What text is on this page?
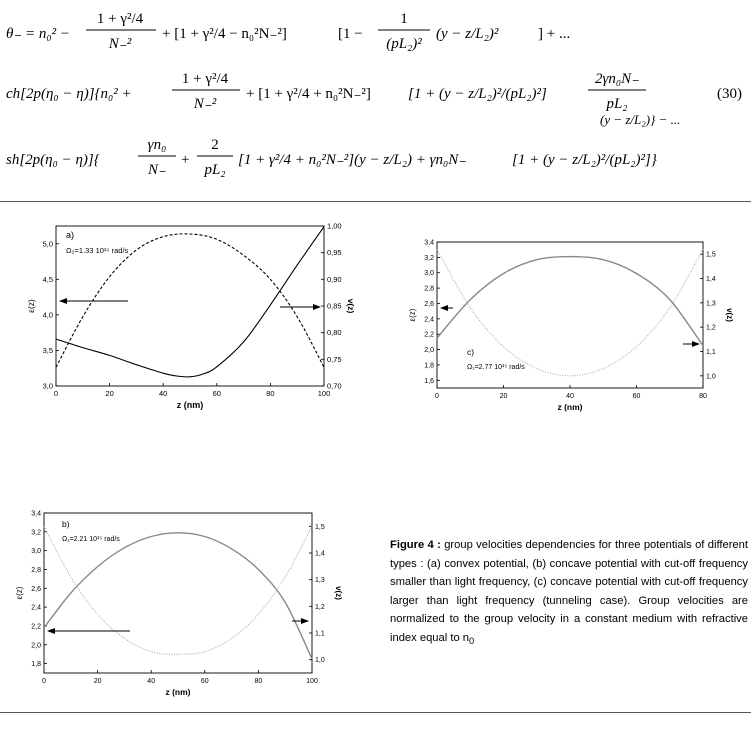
θ₋ = n₀² −
1 + γ²/4
N₋²
+ [1 + γ²/4 − n₀²N₋²]	[1 −
1
(pL₂)²
(y − z/L₂)²	] + ...
ch[2p(η₀ − η)]{n₀² +
1 + γ²/4
N₋²
+ [1 + γ²/4 + n₀²N₋²] [1 + (y − z/L₂)²/(pL₂)²]
2γn₀N₋
pL₂
(y − z/L₂)} − ...
(30)
sh[2p(η₀ − η)]{
γn₀
N₋
+
2
pL₂
[1 + γ²/4 + n₀²N₋²](y − z/L₂) + γn₀N₋	[1 + (y − z/L₂)²/(pL₂)²]}
0	20	40	60	80	100
3,0
3,5
4,0
4,5
5,0
0,70
0,75
0,80
0,85
0,90
0,95
1,00
z (nm)
ε(z)	v(z)
a)
Ω₂=1.33 10¹⁵ rad/s
0	20	40	60	80
1,6
1,8
2,0
2,2
2,4
2,6
2,8
3,0
3,2
3,4
1,0
1,1
1,2
1,3
1,4
1,5
z (nm)
ε(z)	v(z)
c)
Ω₁=2.77 10¹⁵ rad/s
0	20	40	60	80	100
1,8
2,0
2,2
2,4
2,6
2,8
3,0
3,2
3,4
1,0
1,1
1,2
1,3
1,4
1,5
z (nm)
ε(z)	v(z)
b)
Ω₁=2.21 10¹⁵ rad/s	Figure 4 : group velocities dependencies for three potentials of different types : (a) convex potential, (b) concave potential with cut-off frequency smaller than light frequency, (c) concave potential with cut-off frequency larger than light frequency (tunneling case). Group velocities are normalized to the group velocity in a constant medium with refractive index equal to $n_0$
